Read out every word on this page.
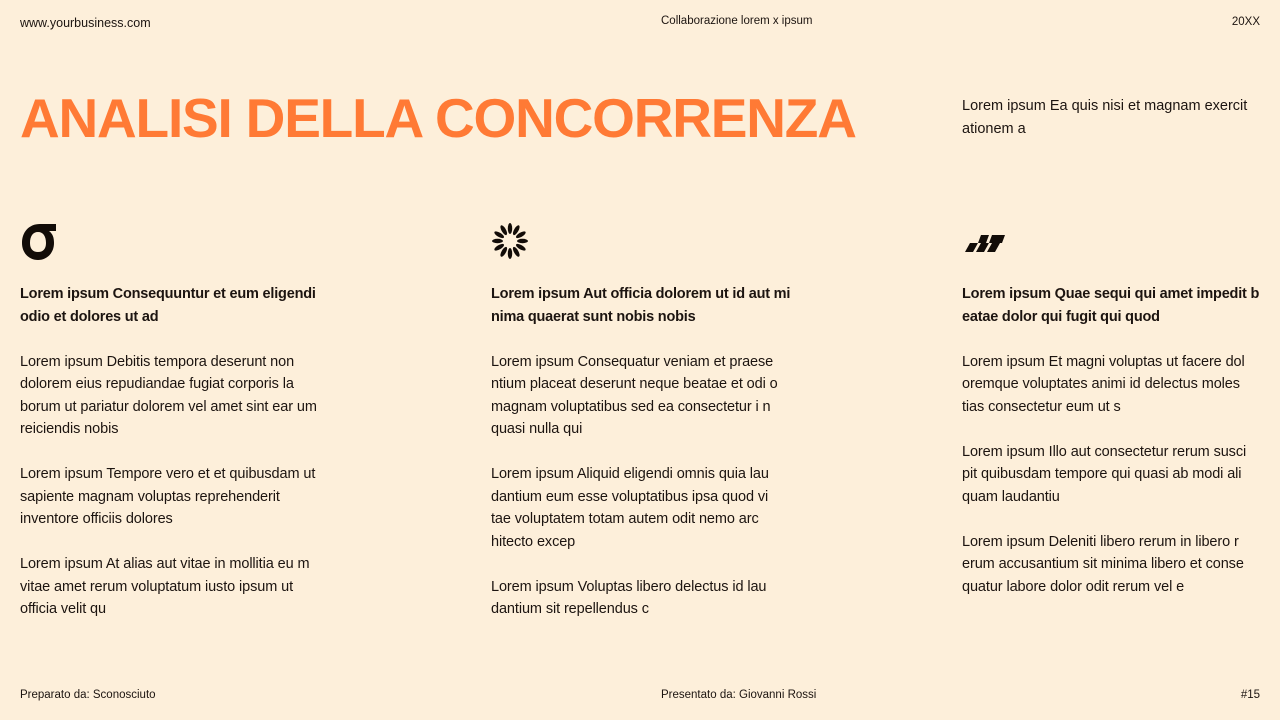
www.yourbusiness.com	Collaborazione lorem x ipsum	20XX
ANALISI DELLA CONCORRENZA	Lorem ipsum Ea quis nisi et magnam exercit ationem a

Lorem ipsum Consequuntur et eum eligendi odio et dolores ut ad

Lorem ipsum Debitis tempora deserunt non dolorem eius repudiandae fugiat corporis la borum ut pariatur dolorem vel amet sint ear um reiciendis nobis

Lorem ipsum Tempore vero et et quibusdam ut sapiente magnam voluptas reprehenderit inventore officiis dolores

Lorem ipsum At alias aut vitae in mollitia eu m vitae amet rerum voluptatum iusto ipsum ut officia velit qu

Lorem ipsum Aut officia dolorem ut id aut mi nima quaerat sunt nobis nobis

Lorem ipsum Consequatur veniam et praese ntium placeat deserunt neque beatae et odi o magnam voluptatibus sed ea consectetur i n quasi nulla qui

Lorem ipsum Aliquid eligendi omnis quia lau dantium eum esse voluptatibus ipsa quod vi tae voluptatem totam autem odit nemo arc hitecto excep

Lorem ipsum Voluptas libero delectus id lau dantium sit repellendus c

Lorem ipsum Quae sequi qui amet impedit b eatae dolor qui fugit qui quod

Lorem ipsum Et magni voluptas ut facere dol oremque voluptates animi id delectus moles tias consectetur eum ut s

Lorem ipsum Illo aut consectetur rerum susci pit quibusdam tempore qui quasi ab modi ali quam laudantiu

Lorem ipsum Deleniti libero rerum in libero r erum accusantium sit minima libero et conse quatur labore dolor odit rerum vel e

Preparato da: Sconosciuto	Presentato da: Giovanni Rossi	#15
